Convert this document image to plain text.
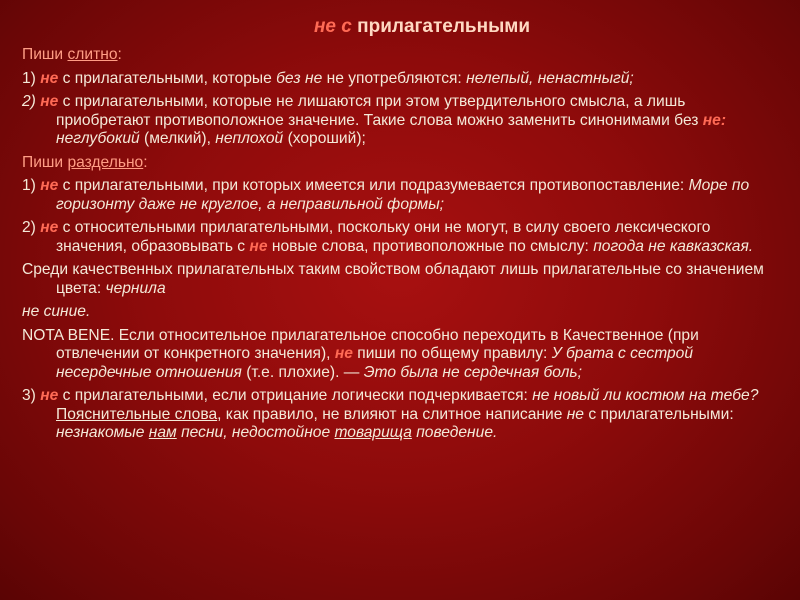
не с прилагательными
Пиши слитно:
1) не с прилагательными, которые без не не употребляются: нелепый, ненастныгй;
2) не с прилагательными, которые не лишаются при этом утвердительного смысла, а лишь приобретают противоположное значение. Такие слова можно заменить синонимами без не: неглубокий (мелкий), неплохой (хороший);
Пиши раздельно:
1) не с прилагательными, при которых имеется или подразумевается противопоставление: Море по горизонту даже не круглое, а неправильной формы;
2) не с относительными прилагательными, поскольку они не могут, в силу своего лексического значения, образовывать с не новые слова, противоположные по смыслу: погода не кавказская.
Среди качественных прилагательных таким свойством обладают лишь прилагательные со значением цвета: чернила
не синие.
NOTA BENE. Если относительное прилагательное способно переходить в Качественное (при отвлечении от конкретного значения), не пиши по общему правилу: У брата с сестрой несердечные отношения (т.е. плохие). — Это была не сердечная боль;
3) не с прилагательными, если отрицание логически подчеркивается: не новый ли костюм на тебе? Пояснительные слова, как правило, не влияют на слитное написание не с прилагательными: незнакомые нам песни, недостойное товарища поведение.
